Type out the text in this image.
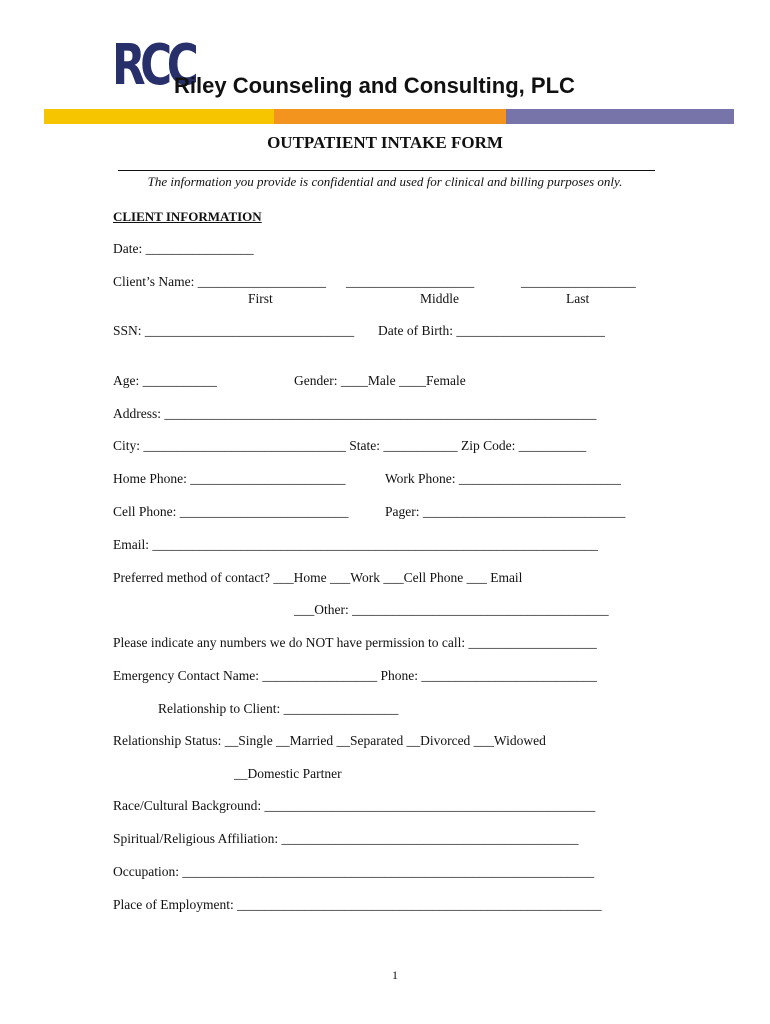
RCC
Riley Counseling and Consulting, PLC
OUTPATIENT INTAKE FORM
The information you provide is confidential and used for clinical and billing purposes only.
CLIENT INFORMATION
Date: ________________
Client’s Name: ___________________ ___________________	_________________
First	Middle	Last
SSN: _______________________________ Date of Birth: ______________________
Age: ___________	Gender: ____Male ____Female
Address: ________________________________________________________________
City: ______________________________ State: ___________ Zip Code: __________
Home Phone: _______________________	Work Phone: ________________________
Cell Phone: _________________________	Pager: ______________________________
Email: __________________________________________________________________
Preferred method of contact? ___Home ___Work ___Cell Phone ___ Email
___Other: ______________________________________
Please indicate any numbers we do NOT have permission to call: ___________________
Emergency Contact Name: _________________ Phone: __________________________
Relationship to Client: _________________
Relationship Status: __Single __Married __Separated __Divorced ___Widowed
__Domestic Partner
Race/Cultural Background: _________________________________________________
Spiritual/Religious Affiliation: ____________________________________________
Occupation: _____________________________________________________________
Place of Employment: ______________________________________________________
1
